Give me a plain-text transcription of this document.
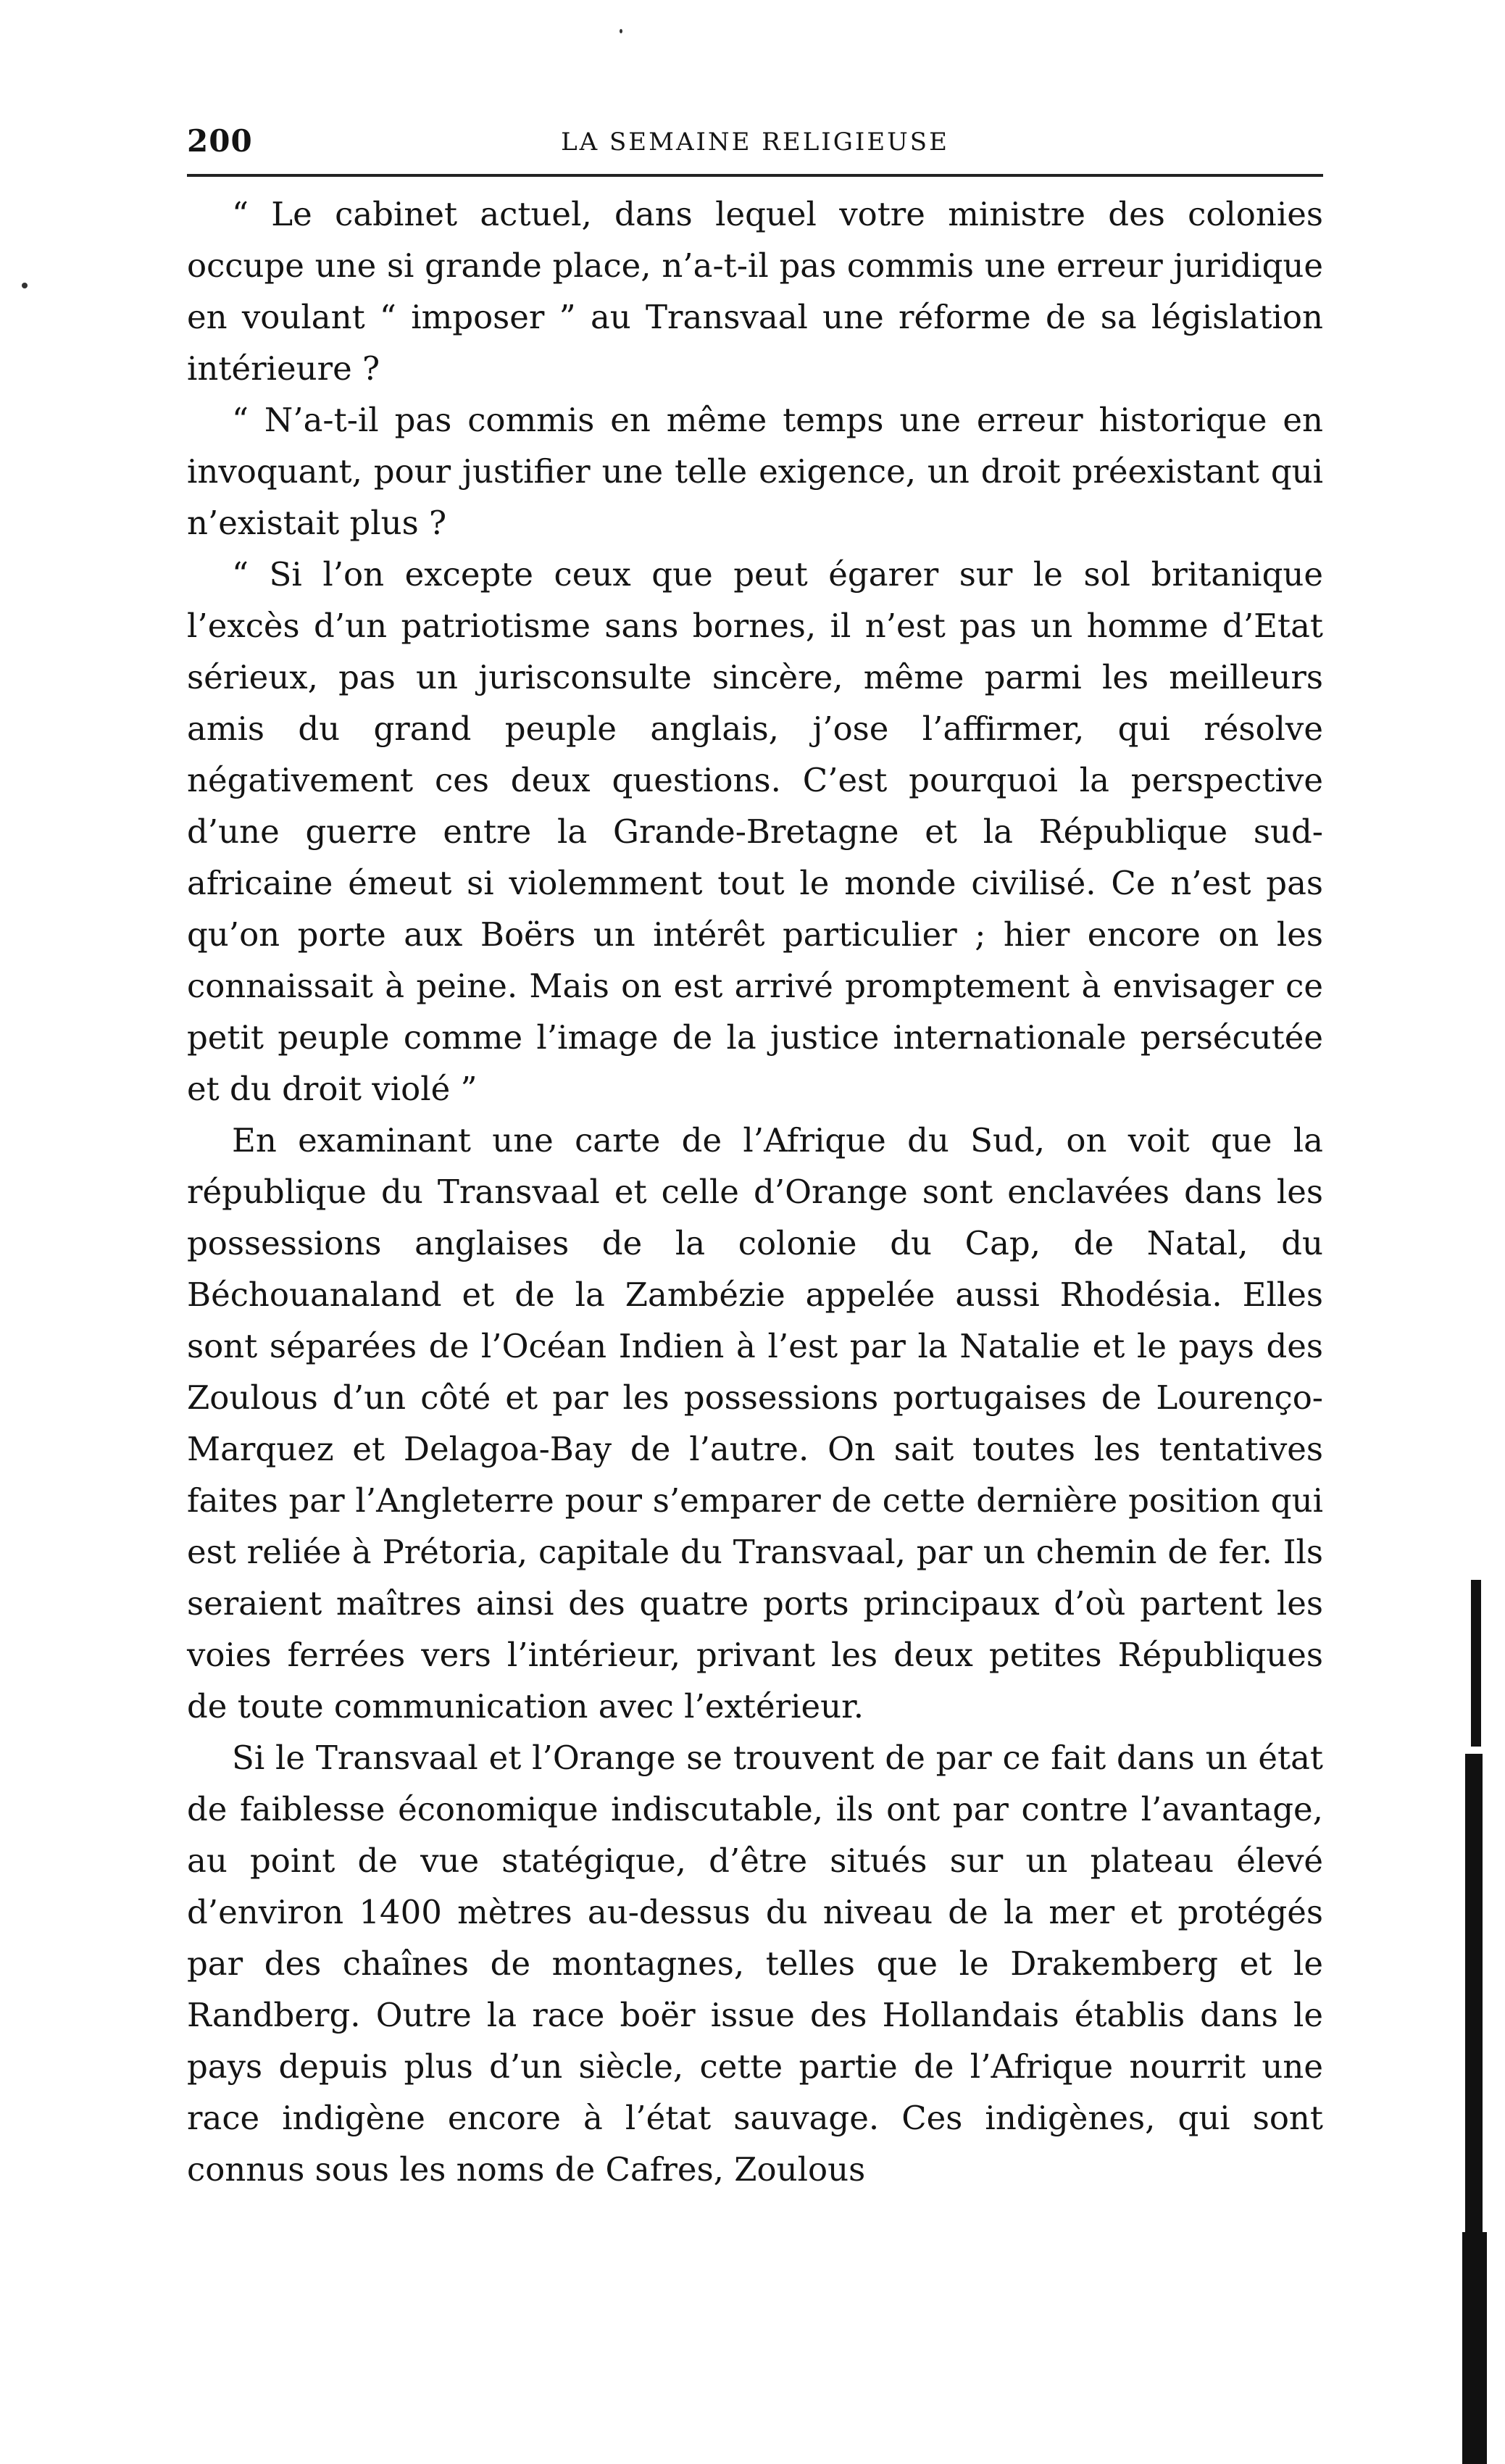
200	LA SEMAINE RELIGIEUSE

“ Le cabinet actuel, dans lequel votre ministre des colonies occupe une si grande place, n’a-t-il pas commis une erreur juridique en voulant “ imposer ” au Transvaal une réforme de sa législation intérieure ?

“ N’a-t-il pas commis en même temps une erreur historique en invoquant, pour justifier une telle exigence, un droit préexistant qui n’existait plus ?

“ Si l’on excepte ceux que peut égarer sur le sol britanique l’excès d’un patriotisme sans bornes, il n’est pas un homme d’Etat sérieux, pas un jurisconsulte sincère, même parmi les meilleurs amis du grand peuple anglais, j’ose l’affirmer, qui résolve négativement ces deux questions. C’est pourquoi la perspective d’une guerre entre la Grande-Bretagne et la République sud-africaine émeut si violemment tout le monde civilisé. Ce n’est pas qu’on porte aux Boërs un intérêt particulier ; hier encore on les connaissait à peine. Mais on est arrivé promptement à envisager ce petit peuple comme l’image de la justice internationale persécutée et du droit violé ”

En examinant une carte de l’Afrique du Sud, on voit que la république du Transvaal et celle d’Orange sont enclavées dans les possessions anglaises de la colonie du Cap, de Natal, du Béchouanaland et de la Zambézie appelée aussi Rhodésia. Elles sont séparées de l’Océan Indien à l’est par la Natalie et le pays des Zoulous d’un côté et par les possessions portugaises de Lourenço-Marquez et Delagoa-Bay de l’autre. On sait toutes les tentatives faites par l’Angleterre pour s’emparer de cette dernière position qui est reliée à Prétoria, capitale du Transvaal, par un chemin de fer. Ils seraient maîtres ainsi des quatre ports principaux d’où partent les voies ferrées vers l’intérieur, privant les deux petites Républiques de toute communication avec l’extérieur.

Si le Transvaal et l’Orange se trouvent de par ce fait dans un état de faiblesse économique indiscutable, ils ont par contre l’avantage, au point de vue statégique, d’être situés sur un plateau élevé d’environ 1400 mètres au-dessus du niveau de la mer et protégés par des chaînes de montagnes, telles que le Drakemberg et le Randberg. Outre la race boër issue des Hollandais établis dans le pays depuis plus d’un siècle, cette partie de l’Afrique nourrit une race indigène encore à l’état sauvage. Ces indigènes, qui sont connus sous les noms de Cafres, Zoulous
